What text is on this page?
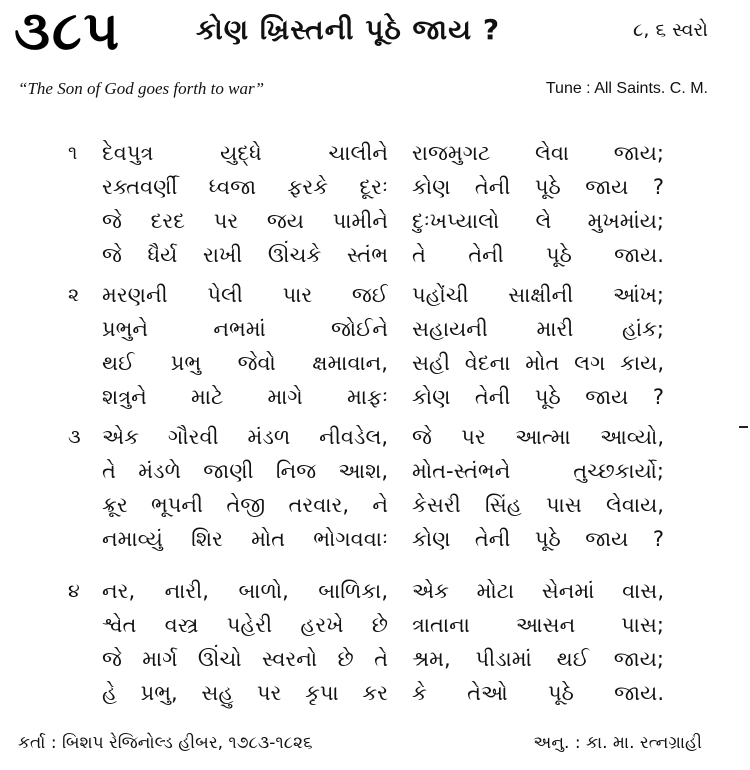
૩૮૫	કોણ ખ્રિસ્તની પૂઠે જાય ?	૮, ૬ સ્વરો
“The Son of God goes forth to war”	Tune : All Saints. C. M.
૧ દેવપુત્ર યુદ્ધે ચાલીને રાજમુગટ લેવા જાય;
રક્તવર્ણી ધ્વજા ફરકે દૂરઃ કોણ તેની પૂઠે જાય ?
જે દરદ પર જય પામીને દુઃખપ્યાલો લે મુખમાંય;
જે ધૈર્ય રાખી ઊંચકે સ્તંભ તે તેની પૂઠે જાય.
૨ મરણની પેલી પાર જઈ પહોંચી સાક્ષીની આંખ;
પ્રભુને નભમાં જોઈને સહાયની મારી હાંક;
થઈ પ્રભુ જેવો ક્ષમાવાન, સહી વેદના મોત લગ કાય,
શત્રુને માટે માગે માફઃ કોણ તેની પૂઠે જાય ?
૩ એક ગૌરવી મંડળ નીવડેલ, જે પર આત્મા આવ્યો,
તે મંડળે જાણી નિજ આશ, મોત-સ્તંભને તુચ્છકાર્યો;
ક્રૂર ભૂપની તેજી તરવાર, ને કેસરી સિંહ પાસ લેવાય,
નમાવ્યું શિર મોત ભોગવવાઃ કોણ તેની પૂઠે જાય ?
૪ નર, નારી, બાળો, બાળિકા, એક મોટા સેનમાં વાસ,
શ્વેત વસ્ત્ર પહેરી હરખે છે ત્રાતાના આસન પાસ;
જે માર્ગ ઊંચો સ્વરનો છે તે શ્રમ, પીડામાં થઈ જાય;
હે પ્રભુ, સહુ પર કૃપા કર કે તેઓ પૂઠે જાય.
કર્તા : બિશપ રેજિનોલ્ડ હીબર, ૧૭૮૩-૧૮૨૬	અનુ. : કા. મા. રત્નગ્રાહી
